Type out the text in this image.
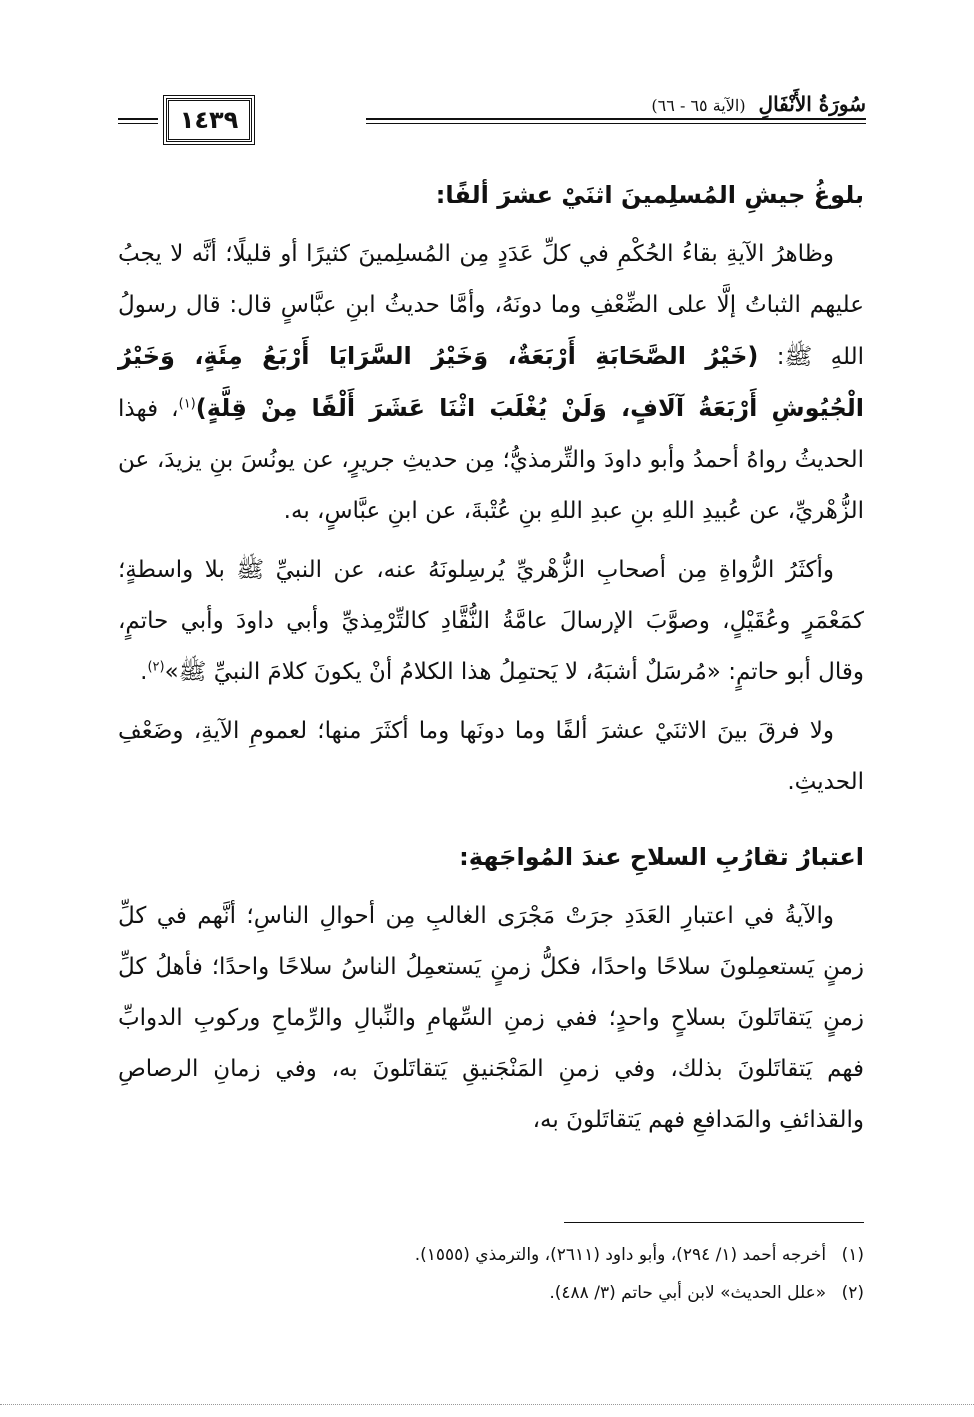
سُورَةُ الأَنْفَالِ (الآية ٦٥ - ٦٦)
١٤٣٩

بلوغُ جيشِ المُسلِمينَ اثنَيْ عشرَ ألفًا:

وظاهرُ الآيةِ بقاءُ الحُكْمِ في كلِّ عَدَدٍ مِن المُسلِمينَ كثيرًا أو قليلًا؛ أنَّه لا يجبُ عليهم الثباتُ إلَّا على الضِّعْفِ وما دونَهُ، وأمَّا حديثُ ابنِ عبَّاسٍ قال: قال رسولُ اللهِ ﷺ: (خَيْرُ الصَّحَابَةِ أَرْبَعَةٌ، وَخَيْرُ السَّرَايَا أَرْبَعُ مِئَةٍ، وَخَيْرُ الْجُيُوشِ أَرْبَعَةُ آلَافٍ، وَلَنْ يُغْلَبَ اثْنَا عَشَرَ أَلْفًا مِنْ قِلَّةٍ)$^{(١)}$، فهذا الحديثُ رواهُ أحمدُ وأبو داودَ والتِّرمذيُّ؛ مِن حديثِ جريرٍ، عن يونُسَ بنِ يزيدَ، عن الزُّهْريِّ، عن عُبيدِ اللهِ بنِ عبدِ اللهِ بنِ عُتْبةَ، عن ابنِ عبَّاسٍ، به.

وأكثَرُ الرُّواةِ مِن أصحابِ الزُّهْريِّ يُرسِلونَهُ عنه، عن النبيِّ ﷺ بلا واسطةٍ؛ كمَعْمَرٍ وعُقَيْلٍ، وصوَّبَ الإرسالَ عامَّةُ النُّقَّادِ كالتِّرْمِذيِّ وأبي داودَ وأبي حاتمٍ، وقال أبو حاتمٍ: «مُرسَلٌ أشبَهُ، لا يَحتمِلُ هذا الكلامُ أنْ يكونَ كلامَ النبيِّ ﷺ»$^{(٢)}$.

ولا فرقَ بينَ الاثنَيْ عشرَ ألفًا وما دونَها وما أكثَرَ منها؛ لعمومِ الآيةِ، وضَعْفِ الحديثِ.

اعتبارُ تقارُبِ السلاحِ عندَ المُواجَهةِ:

والآيةُ في اعتبارِ العَدَدِ جرَتْ مَجْرَى الغالبِ مِن أحوالِ الناسِ؛ أنَّهم في كلِّ زمنٍ يَستعمِلونَ سلاحًا واحدًا، فكلُّ زمنٍ يَستعمِلُ الناسُ سلاحًا واحدًا؛ فأهلُ كلِّ زمنٍ يَتقاتَلونَ بسلاحٍ واحدٍ؛ ففي زمنِ السِّهامِ والنِّبالِ والرِّماحِ وركوبِ الدوابِّ فهم يَتقاتَلونَ بذلك، وفي زمنِ المَنْجَنيقِ يَتقاتَلونَ به، وفي زمانِ الرصاصِ والقذائفِ والمَدافعِ فهم يَتقاتَلونَ به،

(١) أخرجه أحمد (١/ ٢٩٤)، وأبو داود (٢٦١١)، والترمذي (١٥٥٥).

(٢) «علل الحديث» لابن أبي حاتم (٣/ ٤٨٨).
